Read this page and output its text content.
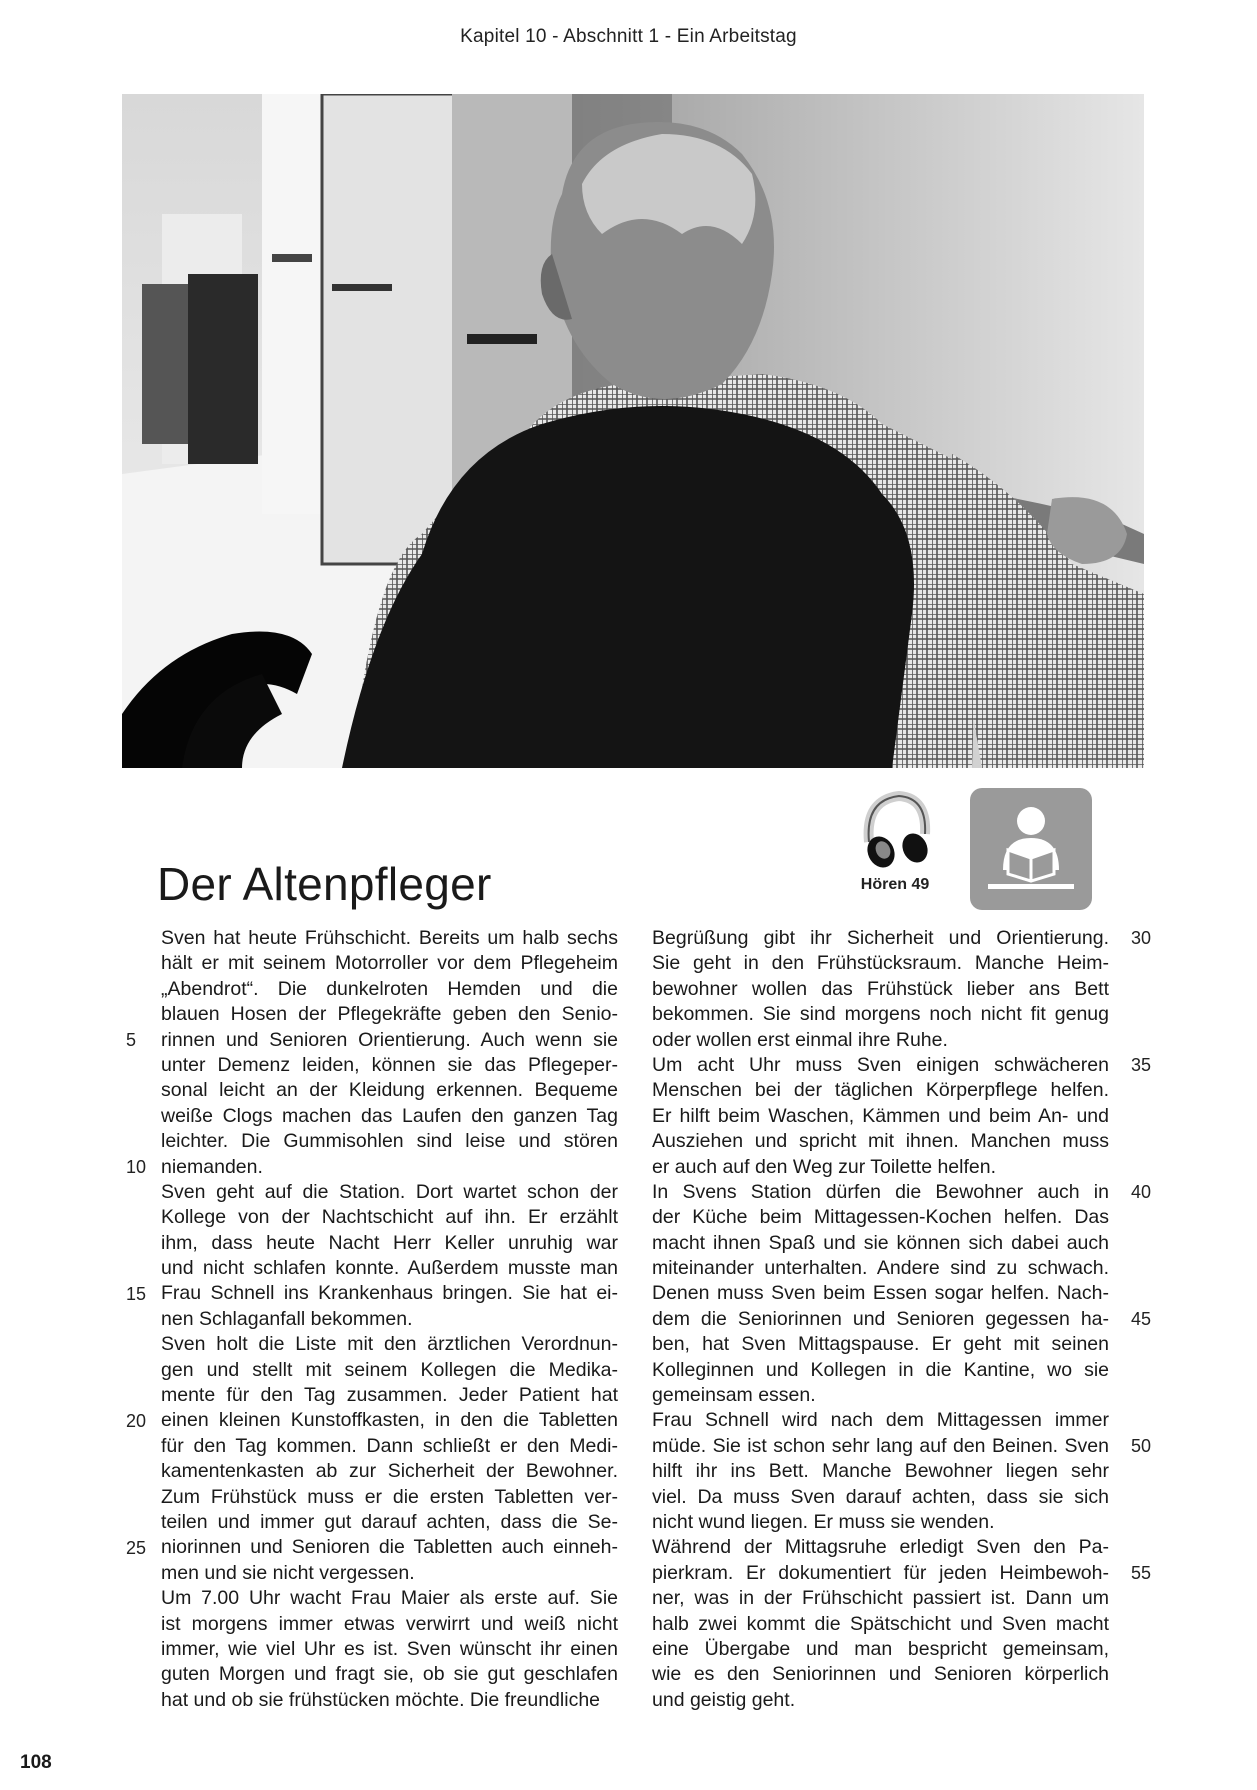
Kapitel 10 - Abschnitt 1 - Ein Arbeitstag
Der Altenpfleger	Hören 49
Sven hat heute Frühschicht. Bereits um halb sechs
hält er mit seinem Motorroller vor dem Pflegeheim
„Abendrot“. Die dunkelroten Hemden und die
blauen Hosen der Pflegekräfte geben den Senio-
rinnen und Senioren Orientierung. Auch wenn sie
unter Demenz leiden, können sie das Pflegeper-
sonal leicht an der Kleidung erkennen. Bequeme
weiße Clogs machen das Laufen den ganzen Tag
leichter. Die Gummisohlen sind leise und stören
niemanden.
Sven geht auf die Station. Dort wartet schon der
Kollege von der Nachtschicht auf ihn. Er erzählt
ihm, dass heute Nacht Herr Keller unruhig war
und nicht schlafen konnte. Außerdem musste man
Frau Schnell ins Krankenhaus bringen. Sie hat ei-
nen Schlaganfall bekommen.
Sven holt die Liste mit den ärztlichen Verordnun-
gen und stellt mit seinem Kollegen die Medika-
mente für den Tag zusammen. Jeder Patient hat
einen kleinen Kunstoffkasten, in den die Tabletten
für den Tag kommen. Dann schließt er den Medi-
kamentenkasten ab zur Sicherheit der Bewohner.
Zum Frühstück muss er die ersten Tabletten ver-
teilen und immer gut darauf achten, dass die Se-
niorinnen und Senioren die Tabletten auch einneh-
men und sie nicht vergessen.
Um 7.00 Uhr wacht Frau Maier als erste auf. Sie
ist morgens immer etwas verwirrt und weiß nicht
immer, wie viel Uhr es ist. Sven wünscht ihr einen
guten Morgen und fragt sie, ob sie gut geschlafen
hat und ob sie frühstücken möchte. Die freundliche
Begrüßung gibt ihr Sicherheit und Orientierung.
Sie geht in den Frühstücksraum. Manche Heim-
bewohner wollen das Frühstück lieber ans Bett
bekommen. Sie sind morgens noch nicht fit genug
oder wollen erst einmal ihre Ruhe.
Um acht Uhr muss Sven einigen schwächeren
Menschen bei der täglichen Körperpflege helfen.
Er hilft beim Waschen, Kämmen und beim An- und
Ausziehen und spricht mit ihnen. Manchen muss
er auch auf den Weg zur Toilette helfen.
In Svens Station dürfen die Bewohner auch in
der Küche beim Mittagessen-Kochen helfen. Das
macht ihnen Spaß und sie können sich dabei auch
miteinander unterhalten. Andere sind zu schwach.
Denen muss Sven beim Essen sogar helfen. Nach-
dem die Seniorinnen und Senioren gegessen ha-
ben, hat Sven Mittagspause. Er geht mit seinen
Kolleginnen und Kollegen in die Kantine, wo sie
gemeinsam essen.
Frau Schnell wird nach dem Mittagessen immer
müde. Sie ist schon sehr lang auf den Beinen. Sven
hilft ihr ins Bett. Manche Bewohner liegen sehr
viel. Da muss Sven darauf achten, dass sie sich
nicht wund liegen. Er muss sie wenden.
Während der Mittagsruhe erledigt Sven den Pa-
pierkram. Er dokumentiert für jeden Heimbewoh-
ner, was in der Frühschicht passiert ist. Dann um
halb zwei kommt die Spätschicht und Sven macht
eine Übergabe und man bespricht gemeinsam,
wie es den Seniorinnen und Senioren körperlich
und geistig geht.
5
10
15
20
25
30
35
40
45
50
55
108
